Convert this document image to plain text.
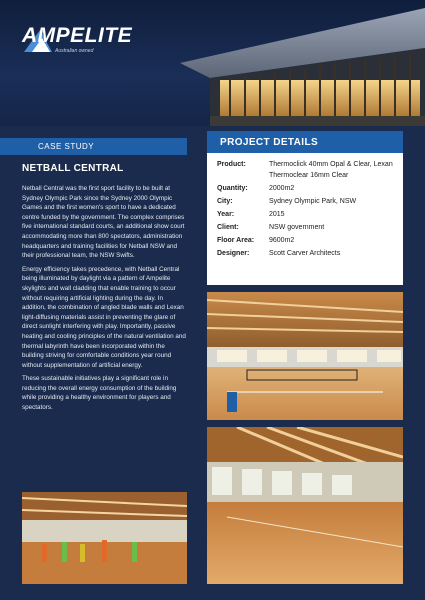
AMPELITE
Australian owned
CASE STUDY
NETBALL CENTRAL

Netball Central was the first sport facility to be built at Sydney Olympic Park since the Sydney 2000 Olympic Games and the first women's sport to have a dedicated centre funded by the government. The complex comprises five international standard courts, an additional show court accommodating more than 800 spectators, administration headquarters and training facilities for Netball NSW and their professional team, the NSW Swifts.

Energy efficiency takes precedence, with Netball Central being illuminated by daylight via a pattern of Ampelite skylights and wall cladding that enable training to occur without requiring artificial lighting during the day. In addition, the combination of angled blade walls and Lexan light-diffusing materials assist in preventing the glare of direct sunlight interfering with play. Importantly, passive heating and cooling principles of the natural ventilation and thermal labyrinth have been incorporated within the building striving for comfortable conditions year round without supplementation of artificial energy.

These sustainable initiatives play a significant role in reducing the overall energy consumption of the building while providing a healthy environment for players and spectators.

PROJECT DETAILS
Product:	Thermoclick 40mm Opal & Clear, Lexan Thermoclear 16mm Clear
Quantity:	2000m2
City:	Sydney Olympic Park, NSW
Year:	2015
Client:	NSW government
Floor Area:	9600m2
Designer:	Scott Carver Architects
